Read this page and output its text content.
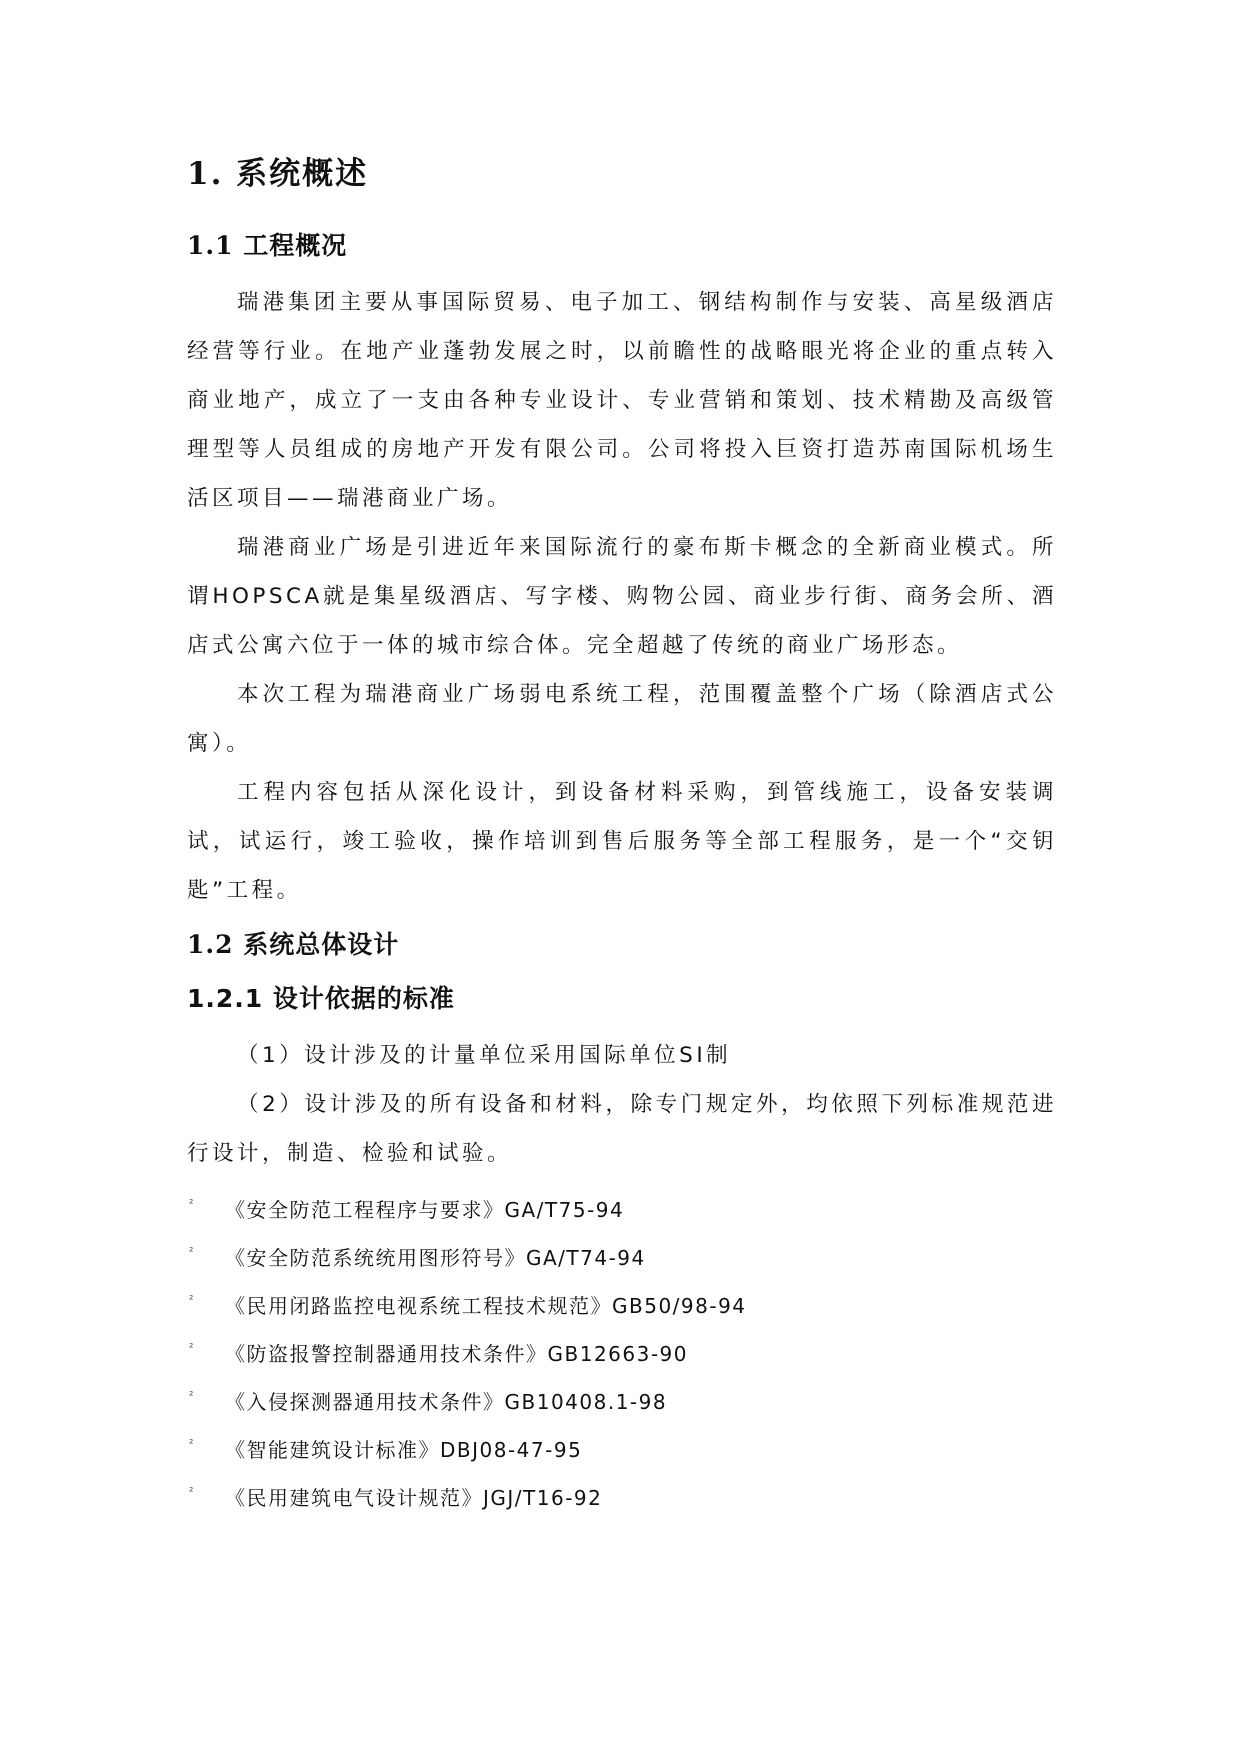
1. 系统概述
1.1 工程概况

瑞港集团主要从事国际贸易、电子加工、钢结构制作与安装、高星级酒店经营等行业。在地产业蓬勃发展之时，以前瞻性的战略眼光将企业的重点转入商业地产，成立了一支由各种专业设计、专业营销和策划、技术精勘及高级管理型等人员组成的房地产开发有限公司。公司将投入巨资打造苏南国际机场生活区项目——瑞港商业广场。

瑞港商业广场是引进近年来国际流行的豪布斯卡概念的全新商业模式。所谓HOPSCA就是集星级酒店、写字楼、购物公园、商业步行街、商务会所、酒店式公寓六位于一体的城市综合体。完全超越了传统的商业广场形态。

本次工程为瑞港商业广场弱电系统工程，范围覆盖整个广场（除酒店式公寓）。

工程内容包括从深化设计，到设备材料采购，到管线施工，设备安装调试，试运行，竣工验收，操作培训到售后服务等全部工程服务，是一个“交钥匙”工程。

1.2 系统总体设计
1.2.1 设计依据的标准

（1）设计涉及的计量单位采用国际单位SI制

（2）设计涉及的所有设备和材料，除专门规定外，均依照下列标准规范进行设计，制造、检验和试验。

² 《安全防范工程程序与要求》GA/T75-94
² 《安全防范系统统用图形符号》GA/T74-94
² 《民用闭路监控电视系统工程技术规范》GB50/98-94
² 《防盗报警控制器通用技术条件》GB12663-90
² 《入侵探测器通用技术条件》GB10408.1-98
² 《智能建筑设计标准》DBJ08-47-95
² 《民用建筑电气设计规范》JGJ/T16-92
